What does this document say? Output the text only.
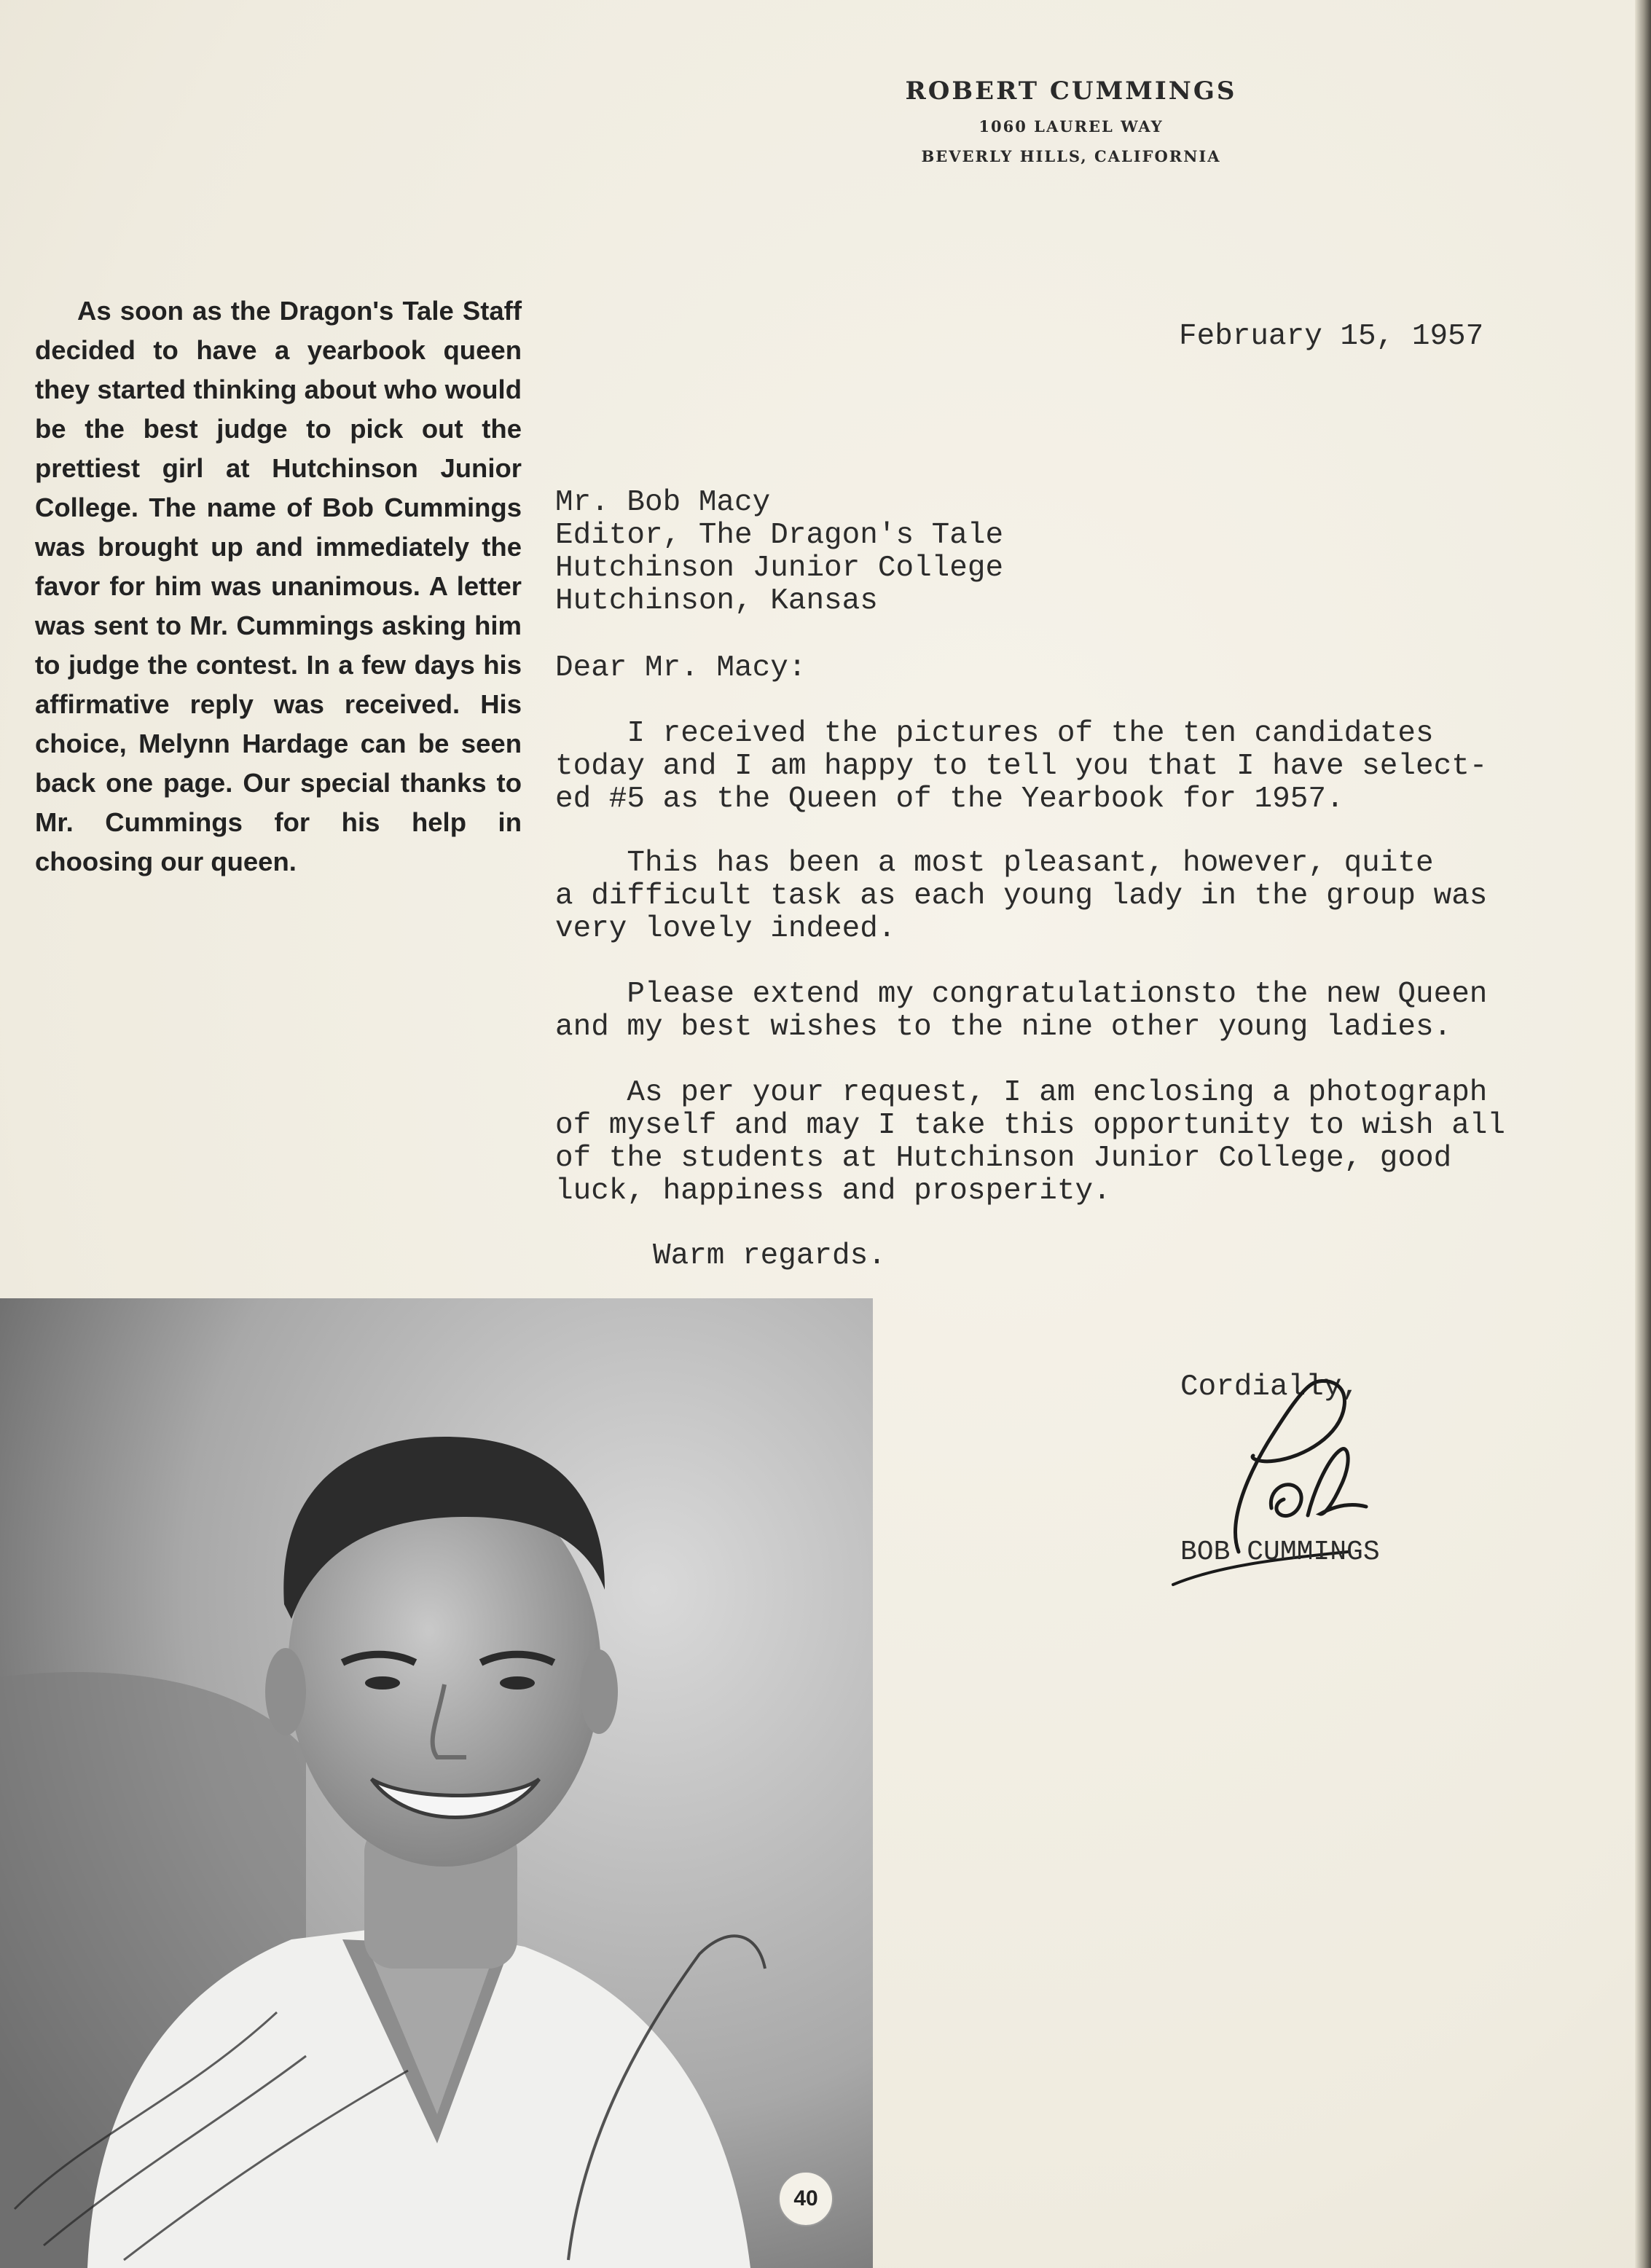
ROBERT CUMMINGS
1060 LAUREL WAY
BEVERLY HILLS, CALIFORNIA
As soon as the Dragon's Tale Staff decided to have a yearbook queen they started thinking about who would be the best judge to pick out the prettiest girl at Hutchinson Junior College. The name of Bob Cummings was brought up and immediately the favor for him was unanimous. A letter was sent to Mr. Cummings asking him to judge the contest. In a few days his affirmative reply was received. His choice, Melynn Hardage can be seen back one page. Our special thanks to Mr. Cummings for his help in choosing our queen.
February 15, 1957
Mr. Bob Macy
Editor, The Dragon's Tale
Hutchinson Junior College
Hutchinson, Kansas
Dear Mr. Macy:
I received the pictures of the ten candidates
today and I am happy to tell you that I have select-
ed #5 as the Queen of the Yearbook for 1957.
This has been a most pleasant, however, quite
a difficult task as each young lady in the group was
very lovely indeed.
Please extend my congratulationsto the new Queen
and my best wishes to the nine other young ladies.
As per your request, I am enclosing a photograph
of myself and may I take this opportunity to wish all
of the students at Hutchinson Junior College, good
luck, happiness and prosperity.
Warm regards.
Cordially,
BOB CUMMINGS
40
